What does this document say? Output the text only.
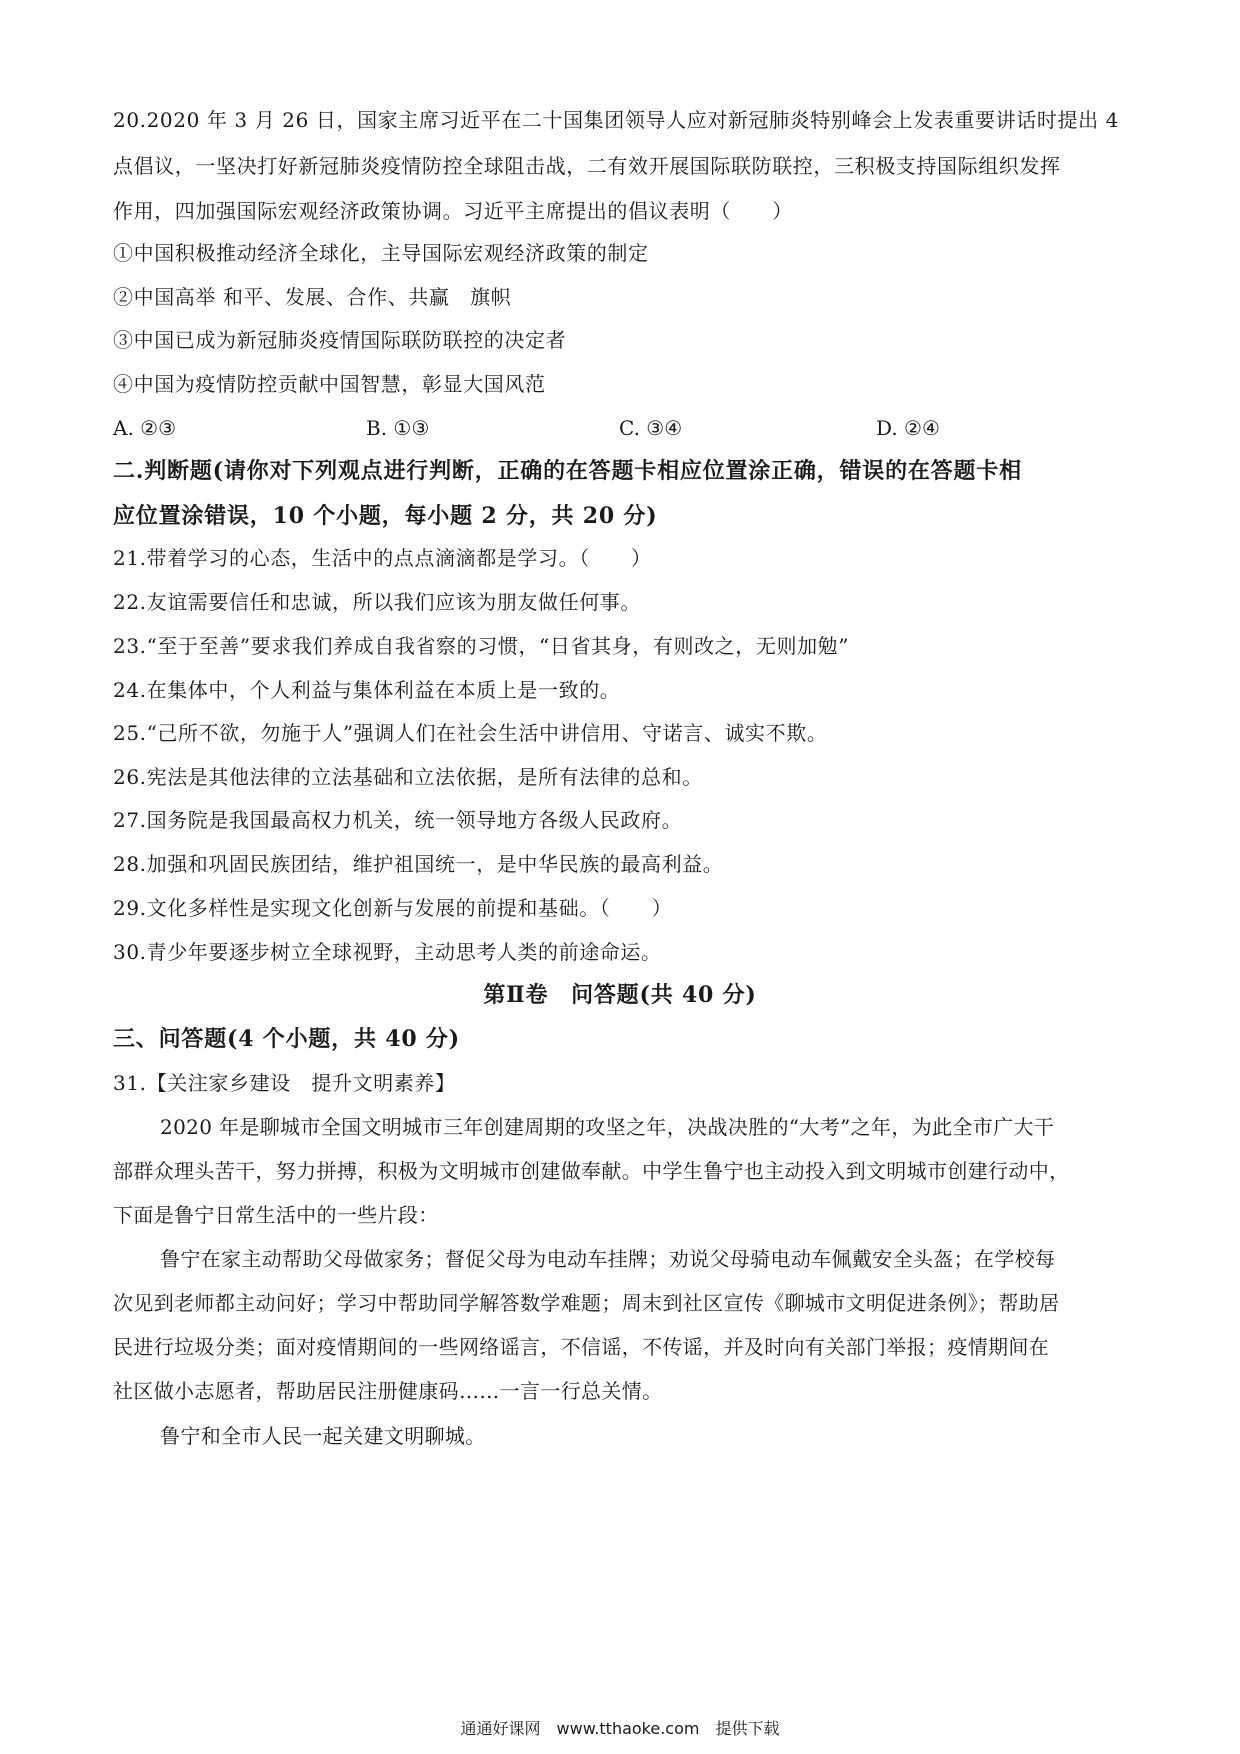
20.2020 年 3 月 26 日，国家主席习近平在二十国集团领导人应对新冠肺炎特别峰会上发表重要讲话时提出 4
点倡议，一坚决打好新冠肺炎疫情防控全球阻击战，二有效开展国际联防联控，三积极支持国际组织发挥
作用，四加强国际宏观经济政策协调。习近平主席提出的倡议表明（　　）
①中国积极推动经济全球化，主导国际宏观经济政策的制定
②中国高举 和平、发展、合作、共赢　旗帜
③中国已成为新冠肺炎疫情国际联防联控的决定者
④中国为疫情防控贡献中国智慧，彰显大国风范
A. ②③	B. ①③	C. ③④	D. ②④
二.判断题(请你对下列观点进行判断，正确的在答题卡相应位置涂正确，错误的在答题卡相
应位置涂错误，10 个小题，每小题 2 分，共 20 分)
21.带着学习的心态，生活中的点点滴滴都是学习。（　　）
22.友谊需要信任和忠诚，所以我们应该为朋友做任何事。
23.“至于至善”要求我们养成自我省察的习惯，“日省其身，有则改之，无则加勉”
24.在集体中，个人利益与集体利益在本质上是一致的。
25.“己所不欲，勿施于人”强调人们在社会生活中讲信用、守诺言、诚实不欺。
26.宪法是其他法律的立法基础和立法依据，是所有法律的总和。
27.国务院是我国最高权力机关，统一领导地方各级人民政府。
28.加强和巩固民族团结，维护祖国统一，是中华民族的最高利益。
29.文化多样性是实现文化创新与发展的前提和基础。（　　）
30.青少年要逐步树立全球视野，主动思考人类的前途命运。
第Ⅱ卷　问答题(共 40 分)
三、问答题(4 个小题，共 40 分)
31.【关注家乡建设　提升文明素养】
2020 年是聊城市全国文明城市三年创建周期的攻坚之年，决战决胜的“大考”之年，为此全市广大干
部群众理头苦干，努力拼搏，积极为文明城市创建做奉献。中学生鲁宁也主动投入到文明城市创建行动中，
下面是鲁宁日常生活中的一些片段：
鲁宁在家主动帮助父母做家务；督促父母为电动车挂牌；劝说父母骑电动车佩戴安全头盔；在学校每
次见到老师都主动问好；学习中帮助同学解答数学难题；周末到社区宣传《聊城市文明促进条例》；帮助居
民进行垃圾分类；面对疫情期间的一些网络谣言，不信谣，不传谣，并及时向有关部门举报；疫情期间在
社区做小志愿者，帮助居民注册健康码……一言一行总关情。
鲁宁和全市人民一起关建文明聊城。
通通好课网　www.tthaoke.com　提供下载
